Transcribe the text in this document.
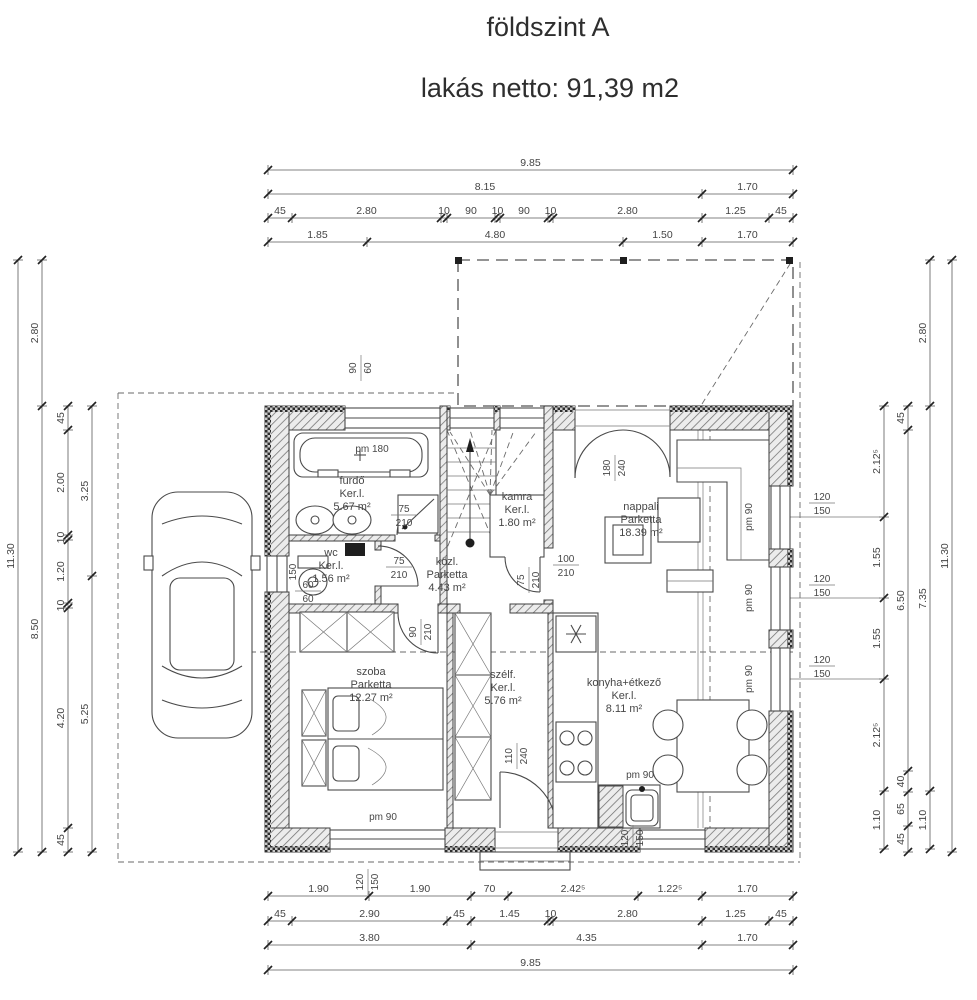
földszint A
lakás netto: 91,39 m2
9.85
8.15	1.70
45	2.80	10 90 10 90 10	2.80	1.25	45
1.85	4.80	1.50	1.70
1.90	1.90	70	2.42⁵	1.22⁵	1.70
45	2.90	45	1.45 10	2.80	1.25	45
3.80	4.35	1.70
9.85
11.30
2.80
8.50
45
2.00
10
1.20
10
4.20
45
3.25
5.25
2.12⁵
1.55
1.55
2.12⁵
1.10
45
6.50
40
65
45
2.80
7.35
1.10
11.30
fürdő
Ker.l.
5.67 m²
wc
Ker.l.
1.56 m²
közl.
Parketta
4.43 m²
kamra
Ker.l.
1.80 m²
nappali
Parketta
18.39 m²
szoba
Parketta
12.27 m²
szélf.
Ker.l.
5.76 m²
konyha+étkező
Ker.l.
8.11 m²
pm 180
150
pm 90
pm 90
pm 90
pm 90
pm 90
75
210
75
210
90 210
75 210
100
210
180 240
110 240
120 150
120 150
120
150
120
150
120
150
60
60
90 60
